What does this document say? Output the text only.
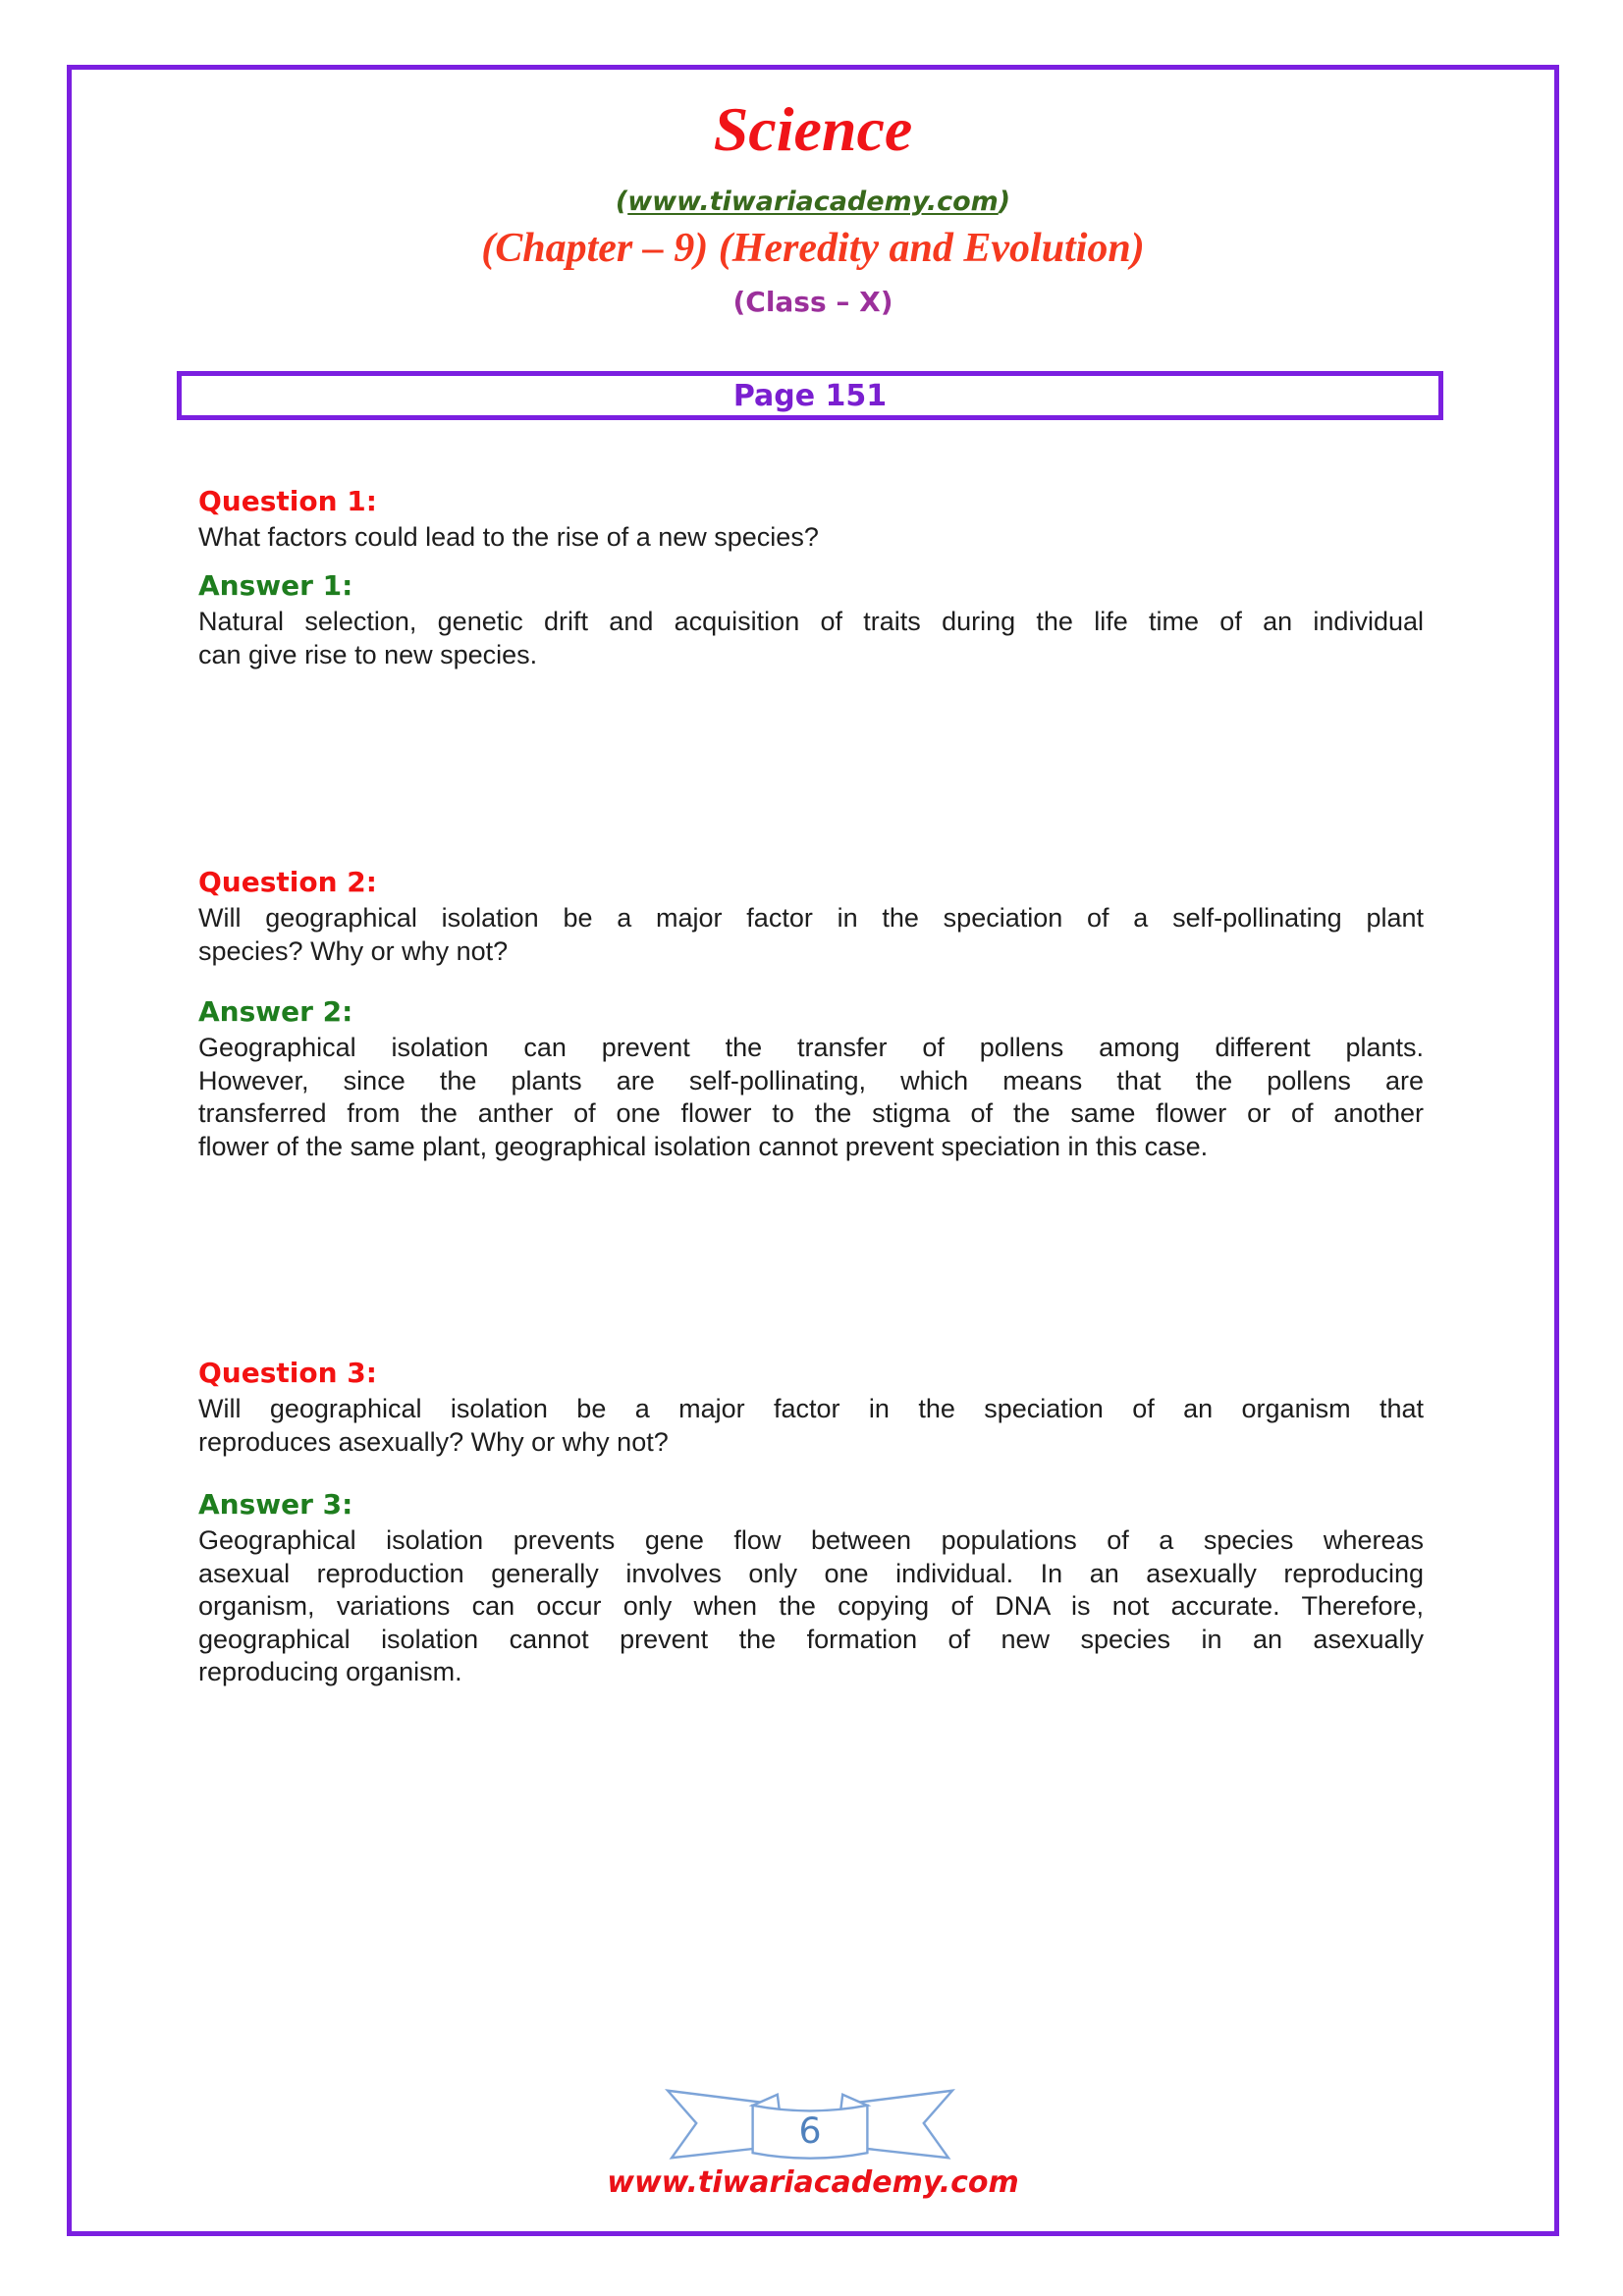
Science
(www.tiwariacademy.com)
(Chapter – 9) (Heredity and Evolution)
(Class – X)
Page 151
Question 1:
What factors could lead to the rise of a new species?
Answer 1:
Natural selection, genetic drift and acquisition of traits during the life time of an individual
can give rise to new species.
Question 2:
Will geographical isolation be a major factor in the speciation of a self-pollinating plant
species? Why or why not?
Answer 2:
Geographical isolation can prevent the transfer of pollens among different plants.
However, since the plants are self-pollinating, which means that the pollens are
transferred from the anther of one flower to the stigma of the same flower or of another
flower of the same plant, geographical isolation cannot prevent speciation in this case.
Question 3:
Will geographical isolation be a major factor in the speciation of an organism that
reproduces asexually? Why or why not?
Answer 3:
Geographical isolation prevents gene flow between populations of a species whereas
asexual reproduction generally involves only one individual. In an asexually reproducing
organism, variations can occur only when the copying of DNA is not accurate. Therefore,
geographical isolation cannot prevent the formation of new species in an asexually
reproducing organism.
6
www.tiwariacademy.com
